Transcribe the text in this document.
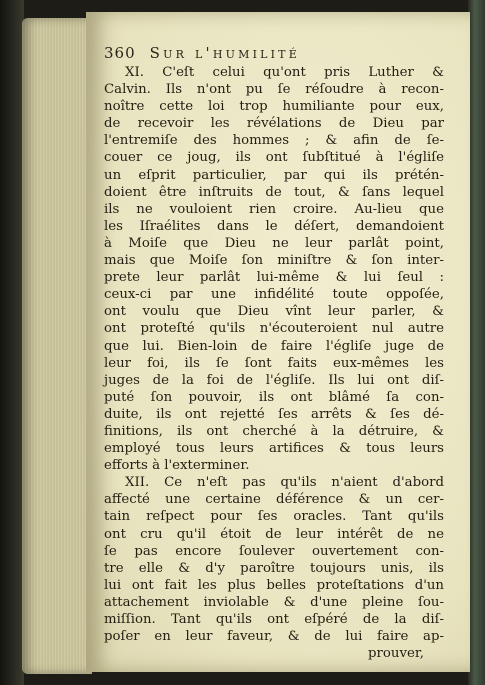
360 Sur l'humilité
XI. C'eſt celui qu'ont pris Luther &
Calvin. Ils n'ont pu ſe réſoudre à recon-
noître cette loi trop humiliante pour eux,
de recevoir les révélations de Dieu par
l'entremiſe des hommes ; & afin de ſe-
couer ce joug, ils ont ſubſtitué à l'égliſe
un eſprit particulier, par qui ils prétén-
doient être inſtruits de tout, & ſans lequel
ils ne vouloient rien croire. Au-lieu que
les Iſraélites dans le déſert, demandoient
à Moiſe que Dieu ne leur parlât point,
mais que Moiſe ſon miniſtre & ſon inter-
prete leur parlât lui-même & lui ſeul :
ceux-ci par une infidélité toute oppoſée,
ont voulu que Dieu vînt leur parler, &
ont proteſté qu'ils n'écouteroient nul autre
que lui. Bien-loin de faire l'égliſe juge de
leur foi, ils ſe ſont faits eux-mêmes les
juges de la foi de l'égliſe. Ils lui ont diſ-
puté ſon pouvoir, ils ont blâmé ſa con-
duite, ils ont rejetté ſes arrêts & ſes dé-
finitions, ils ont cherché à la détruire, &
employé tous leurs artifices & tous leurs
efforts à l'exterminer.
XII. Ce n'eſt pas qu'ils n'aient d'abord
affecté une certaine déférence & un cer-
tain reſpect pour ſes oracles. Tant qu'ils
ont cru qu'il étoit de leur intérêt de ne
ſe pas encore ſoulever ouvertement con-
tre elle & d'y paroître toujours unis, ils
lui ont fait les plus belles proteſtations d'un
attachement inviolable & d'une pleine ſou-
miſſion. Tant qu'ils ont eſpéré de la diſ-
poſer en leur faveur, & de lui faire ap-
prouver,
